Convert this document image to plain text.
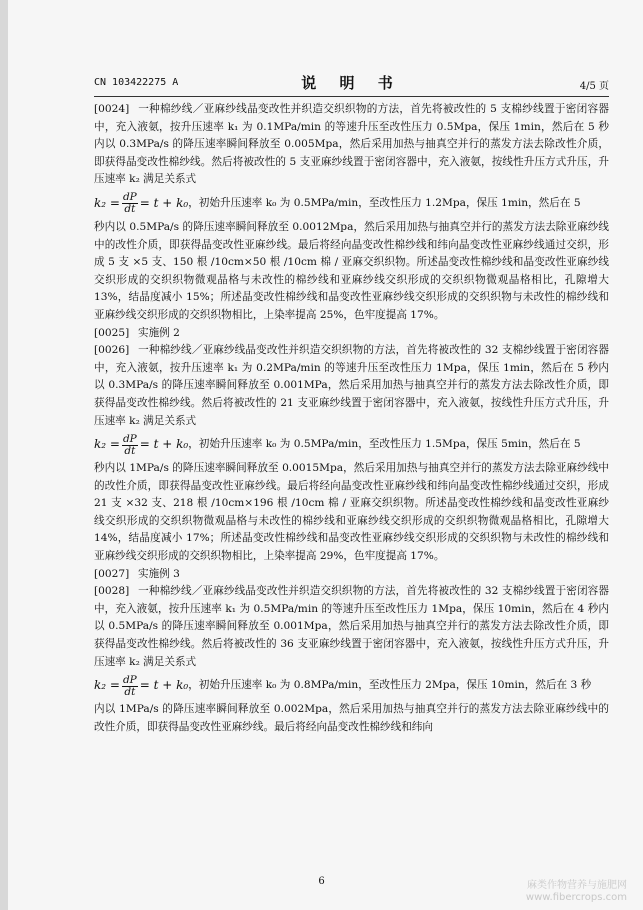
CN 103422275 A	说 明 书	4/5 页

[0024] 一种棉纱线／亚麻纱线晶变改性并织造交织织物的方法，首先将被改性的 5 支棉纱线置于密闭容器中，充入液氨，按升压速率 k₁ 为 0.1MPa/min 的等速升压至改性压力 0.5Mpa，保压 1min，然后在 5 秒内以 0.3MPa/s 的降压速率瞬间释放至 0.005Mpa，然后采用加热与抽真空并行的蒸发方法去除改性介质，即获得晶变改性棉纱线。然后将被改性的 5 支亚麻纱线置于密闭容器中，充入液氨，按线性升压方式升压，升压速率 k₂ 满足关系式

$k_2 = \frac{dP}{dt} = t + k_0$ ，初始升压速率 k₀ 为 0.5MPa/min，至改性压力 1.2Mpa，保压 1min，然后在 5

秒内以 0.5MPa/s 的降压速率瞬间释放至 0.0012Mpa，然后采用加热与抽真空并行的蒸发方法去除亚麻纱线中的改性介质，即获得晶变改性亚麻纱线。最后将经向晶变改性棉纱线和纬向晶变改性亚麻纱线通过交织，形成 5 支 ×5 支、150 根 /10cm×50 根 /10cm 棉 / 亚麻交织织物。所述晶变改性棉纱线和晶变改性亚麻纱线交织形成的交织织物微观晶格与未改性的棉纱线和亚麻纱线交织形成的交织织物微观晶格相比，孔隙增大 13%，结晶度减小 15%；所述晶变改性棉纱线和晶变改性亚麻纱线交织形成的交织织物与未改性的棉纱线和亚麻纱线交织形成的交织织物相比，上染率提高 25%，色牢度提高 17%。

[0025] 实施例 2

[0026] 一种棉纱线／亚麻纱线晶变改性并织造交织织物的方法，首先将被改性的 32 支棉纱线置于密闭容器中，充入液氨，按升压速率 k₁ 为 0.2MPa/min 的等速升压至改性压力 1Mpa，保压 1min，然后在 5 秒内以 0.3MPa/s 的降压速率瞬间释放至 0.001MPa，然后采用加热与抽真空并行的蒸发方法去除改性介质，即获得晶变改性棉纱线。然后将被改性的 21 支亚麻纱线置于密闭容器中，充入液氨，按线性升压方式升压，升压速率 k₂ 满足关系式

$k_2 = \frac{dP}{dt} = t + k_0$ ，初始升压速率 k₀ 为 0.5MPa/min，至改性压力 1.5Mpa，保压 5min，然后在 5

秒内以 1MPa/s 的降压速率瞬间释放至 0.0015Mpa，然后采用加热与抽真空并行的蒸发方法去除亚麻纱线中的改性介质，即获得晶变改性亚麻纱线。最后将经向晶变改性亚麻纱线和纬向晶变改性棉纱线通过交织，形成 21 支 ×32 支、218 根 /10cm×196 根 /10cm 棉 / 亚麻交织织物。所述晶变改性棉纱线和晶变改性亚麻纱线交织形成的交织织物微观晶格与未改性的棉纱线和亚麻纱线交织形成的交织织物微观晶格相比，孔隙增大 14%，结晶度减小 17%；所述晶变改性棉纱线和晶变改性亚麻纱线交织形成的交织织物与未改性的棉纱线和亚麻纱线交织形成的交织织物相比，上染率提高 29%，色牢度提高 17%。

[0027] 实施例 3

[0028] 一种棉纱线／亚麻纱线晶变改性并织造交织织物的方法，首先将被改性的 32 支棉纱线置于密闭容器中，充入液氨，按升压速率 k₁ 为 0.5MPa/min 的等速升压至改性压力 1Mpa，保压 10min，然后在 4 秒内以 0.5MPa/s 的降压速率瞬间释放至 0.001Mpa，然后采用加热与抽真空并行的蒸发方法去除改性介质，即获得晶变改性棉纱线。然后将被改性的 36 支亚麻纱线置于密闭容器中，充入液氨，按线性升压方式升压，升压速率 k₂ 满足关系式

$k_2 = \frac{dP}{dt} = t + k_0$ ，初始升压速率 k₀ 为 0.8MPa/min，至改性压力 2Mpa，保压 10min，然后在 3 秒

内以 1MPa/s 的降压速率瞬间释放至 0.002Mpa，然后采用加热与抽真空并行的蒸发方法去除亚麻纱线中的改性介质，即获得晶变改性亚麻纱线。最后将经向晶变改性棉纱线和纬向

6	麻类作物营养与施肥网
www.fibercrops.com
